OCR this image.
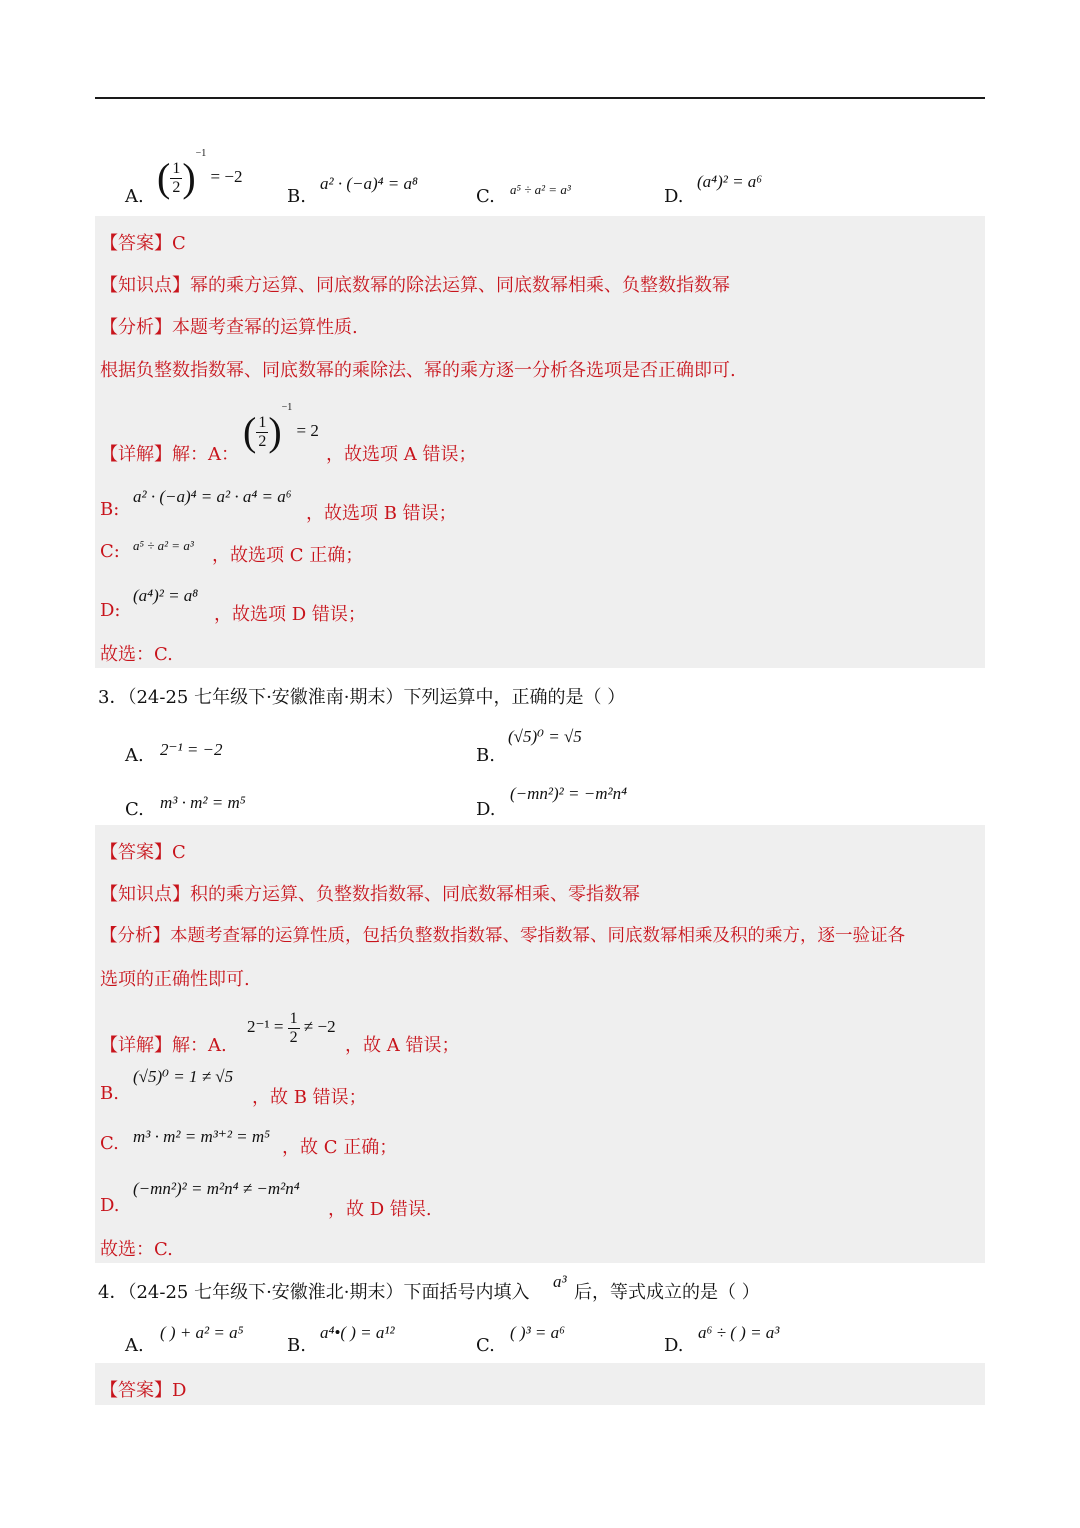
A. ( $\frac{1}{2} )^{-1} = -2$
B.
a² · (−a)⁴ = a⁸
C. a⁵ ÷ a² = a³	D.
(a⁴)² = a⁶
【答案】C
【知识点】幂的乘方运算、同底数幂的除法运算、同底数幂相乘、负整数指数幂
【分析】本题考查幂的运算性质.
根据负整数指数幂、同底数幂的乘除法、幂的乘方逐一分析各选项是否正确即可.
【详解】解：A：
( $\frac{1}{2} )^{-1} = 2$
，故选项 A 错误；
B:
a² · (−a)⁴ = a² · a⁴ = a⁶
，故选项 B 错误；
C: a⁵ ÷ a² = a³ ，故选项 C 正确；
D:
(a⁴)² = a⁸
，故选项 D 错误；
故选：C.
3．（24-25 七年级下·安徽淮南·期末）下列运算中，正确的是（ ）
A. 2⁻¹ = −2	B.
(√5)⁰ = √5
C. m³ · m² = m⁵	D.
(−mn²)² = −m²n⁴
【答案】C
【知识点】积的乘方运算、负整数指数幂、同底数幂相乘、零指数幂
【分析】本题考查幂的运算性质，包括负整数指数幂、零指数幂、同底数幂相乘及积的乘方，逐一验证各
选项的正确性即可.
【详解】解：A.
$2^{-1} = \frac{1}{2} \ne -2$
，故 A 错误；
B.
(√5)⁰ = 1 ≠ √5
，故 B 错误；
C. m³ · m² = m³⁺² = m⁵
，故 C 正确；
D.
(−mn²)² = m²n⁴ ≠ −m²n⁴
，故 D 错误.
故选：C.
4．（24-25 七年级下·安徽淮北·期末）下面括号内填入
a³
后，等式成立的是（ ）
A.
( ) + a² = a⁵
B.
a⁴•( ) = a¹²
C.
( )³ = a⁶
D.
a⁶ ÷ ( ) = a³
【答案】D
